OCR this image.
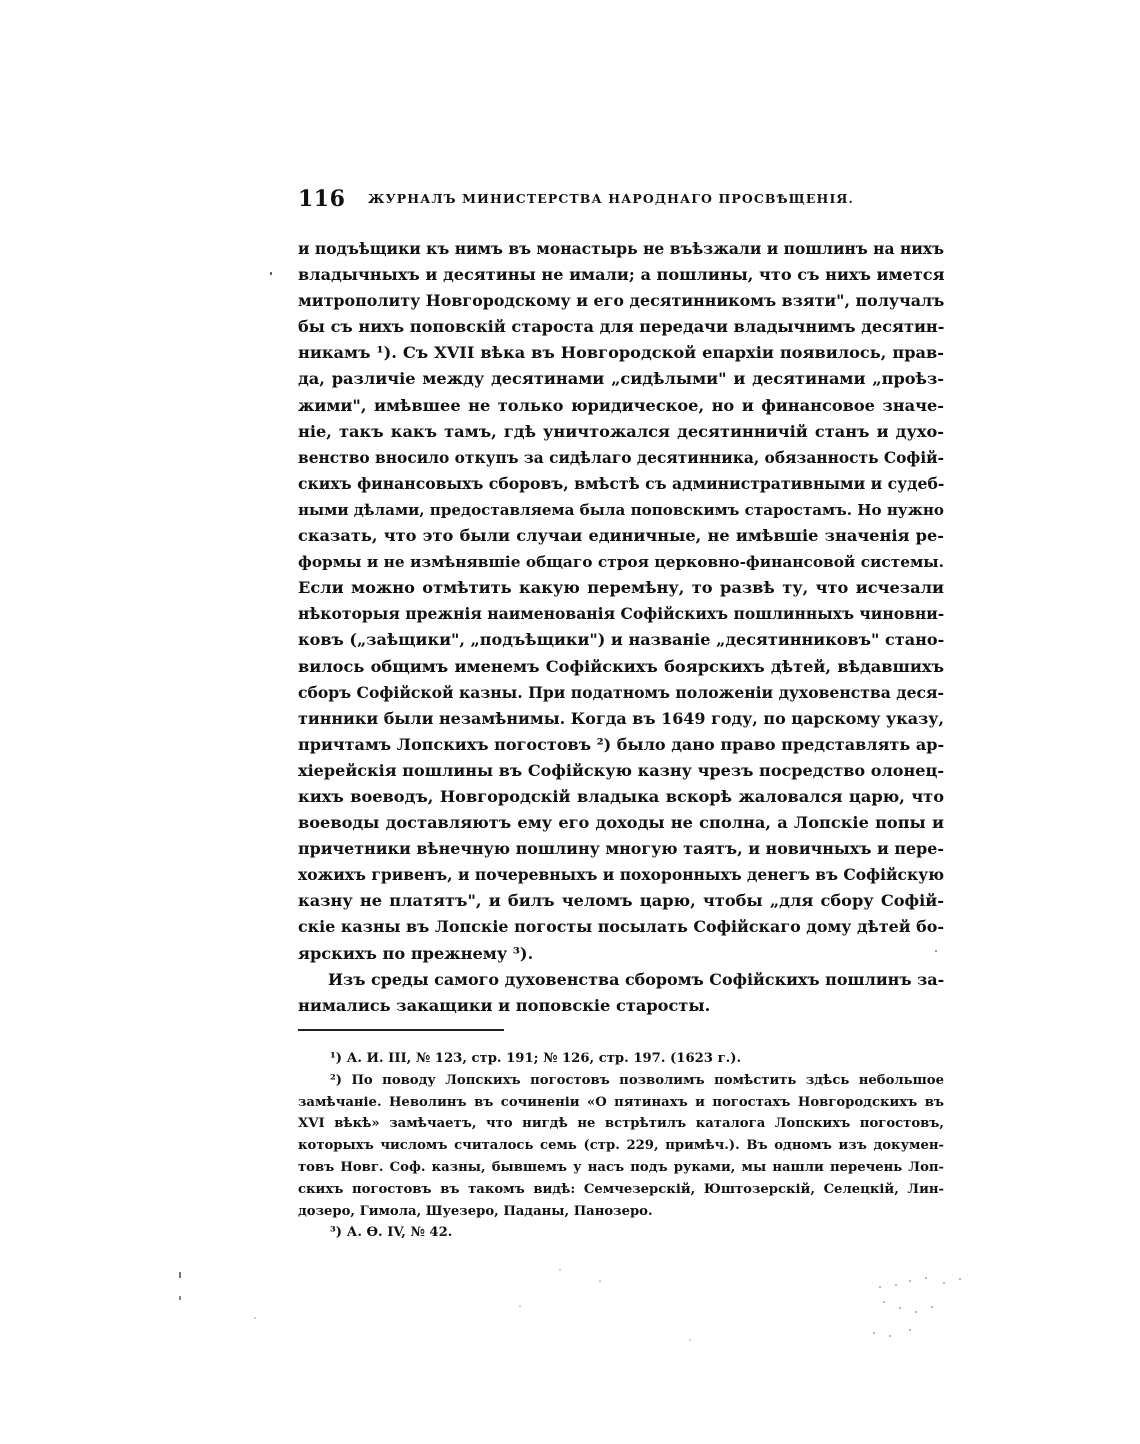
116 ЖУРНАЛЪ МИНИСТЕРСТВА НАРОДНАГО ПРОСВѢЩЕНІЯ.
и подъѣщики къ нимъ въ монастырь не въѣзжали и пошлинъ на нихъ
владычныхъ и десятины не имали; а пошлины, что съ нихъ имется
митрополиту Новгородскому и его десятинникомъ взяти", получалъ
бы съ нихъ поповскій староста для передачи владычнимъ десятин-
никамъ ¹). Съ XVII вѣка въ Новгородской епархіи появилось, прав-
да, различіе между десятинами „сидѣлыми" и десятинами „проѣз-
жими", имѣвшее не только юридическое, но и финансовое значе-
ніе, такъ какъ тамъ, гдѣ уничтожался десятинничій станъ и духо-
венство вносило откупъ за сидѣлаго десятинника, обязанность Софій-
скихъ финансовыхъ сборовъ, вмѣстѣ съ административными и судеб-
ными дѣлами, предоставляема была поповскимъ старостамъ. Но нужно
сказать, что это были случаи единичные, не имѣвшіе значенія ре-
формы и не измѣнявшіе общаго строя церковно-финансовой системы.
Если можно отмѣтить какую перемѣну, то развѣ ту, что исчезали
нѣкоторыя прежнія наименованія Софійскихъ пошлинныхъ чиновни-
ковъ („заѣщики", „подъѣщики") и названіе „десятинниковъ" стано-
вилось общимъ именемъ Софійскихъ боярскихъ дѣтей, вѣдавшихъ
сборъ Софійской казны. При податномъ положеніи духовенства деся-
тинники были незамѣнимы. Когда въ 1649 году, по царскому указу,
причтамъ Лопскихъ погостовъ ²) было дано право представлять ар-
хіерейскія пошлины въ Софійскую казну чрезъ посредство олонец-
кихъ воеводъ, Новгородскій владыка вскорѣ жаловался царю, что
воеводы доставляютъ ему его доходы не сполна, а Лопскіе попы и
причетники вѣнечную пошлину многую таятъ, и новичныхъ и пере-
хожихъ гривенъ, и почеревныхъ и похоронныхъ денегъ въ Софійскую
казну не платятъ", и билъ челомъ царю, чтобы „для сбору Софій-
скіе казны въ Лопскіе погосты посылать Софійскаго дому дѣтей бо-
ярскихъ по прежнему ³).
Изъ среды самого духовенства сборомъ Софійскихъ пошлинъ за-
нимались закащики и поповскіе старосты.
¹) А. И. III, № 123, стр. 191; № 126, стр. 197. (1623 г.).
²) По поводу Лопскихъ погостовъ позволимъ помѣстить здѣсь небольшое
замѣчаніе. Неволинъ въ сочиненіи «О пятинахъ и погостахъ Новгородскихъ въ
XVI вѣкѣ» замѣчаетъ, что нигдѣ не встрѣтилъ каталога Лопскихъ погостовъ,
которыхъ числомъ считалось семь (стр. 229, примѣч.). Въ одномъ изъ докумен-
товъ Новг. Соф. казны, бывшемъ у насъ подъ руками, мы нашли перечень Лоп-
скихъ погостовъ въ такомъ видѣ: Семчезерскій, Юштозерскій, Селецкій, Лин-
дозеро, Гимола, Шуезеро, Паданы, Панозеро.
³) А. Ѳ. IV, № 42.
